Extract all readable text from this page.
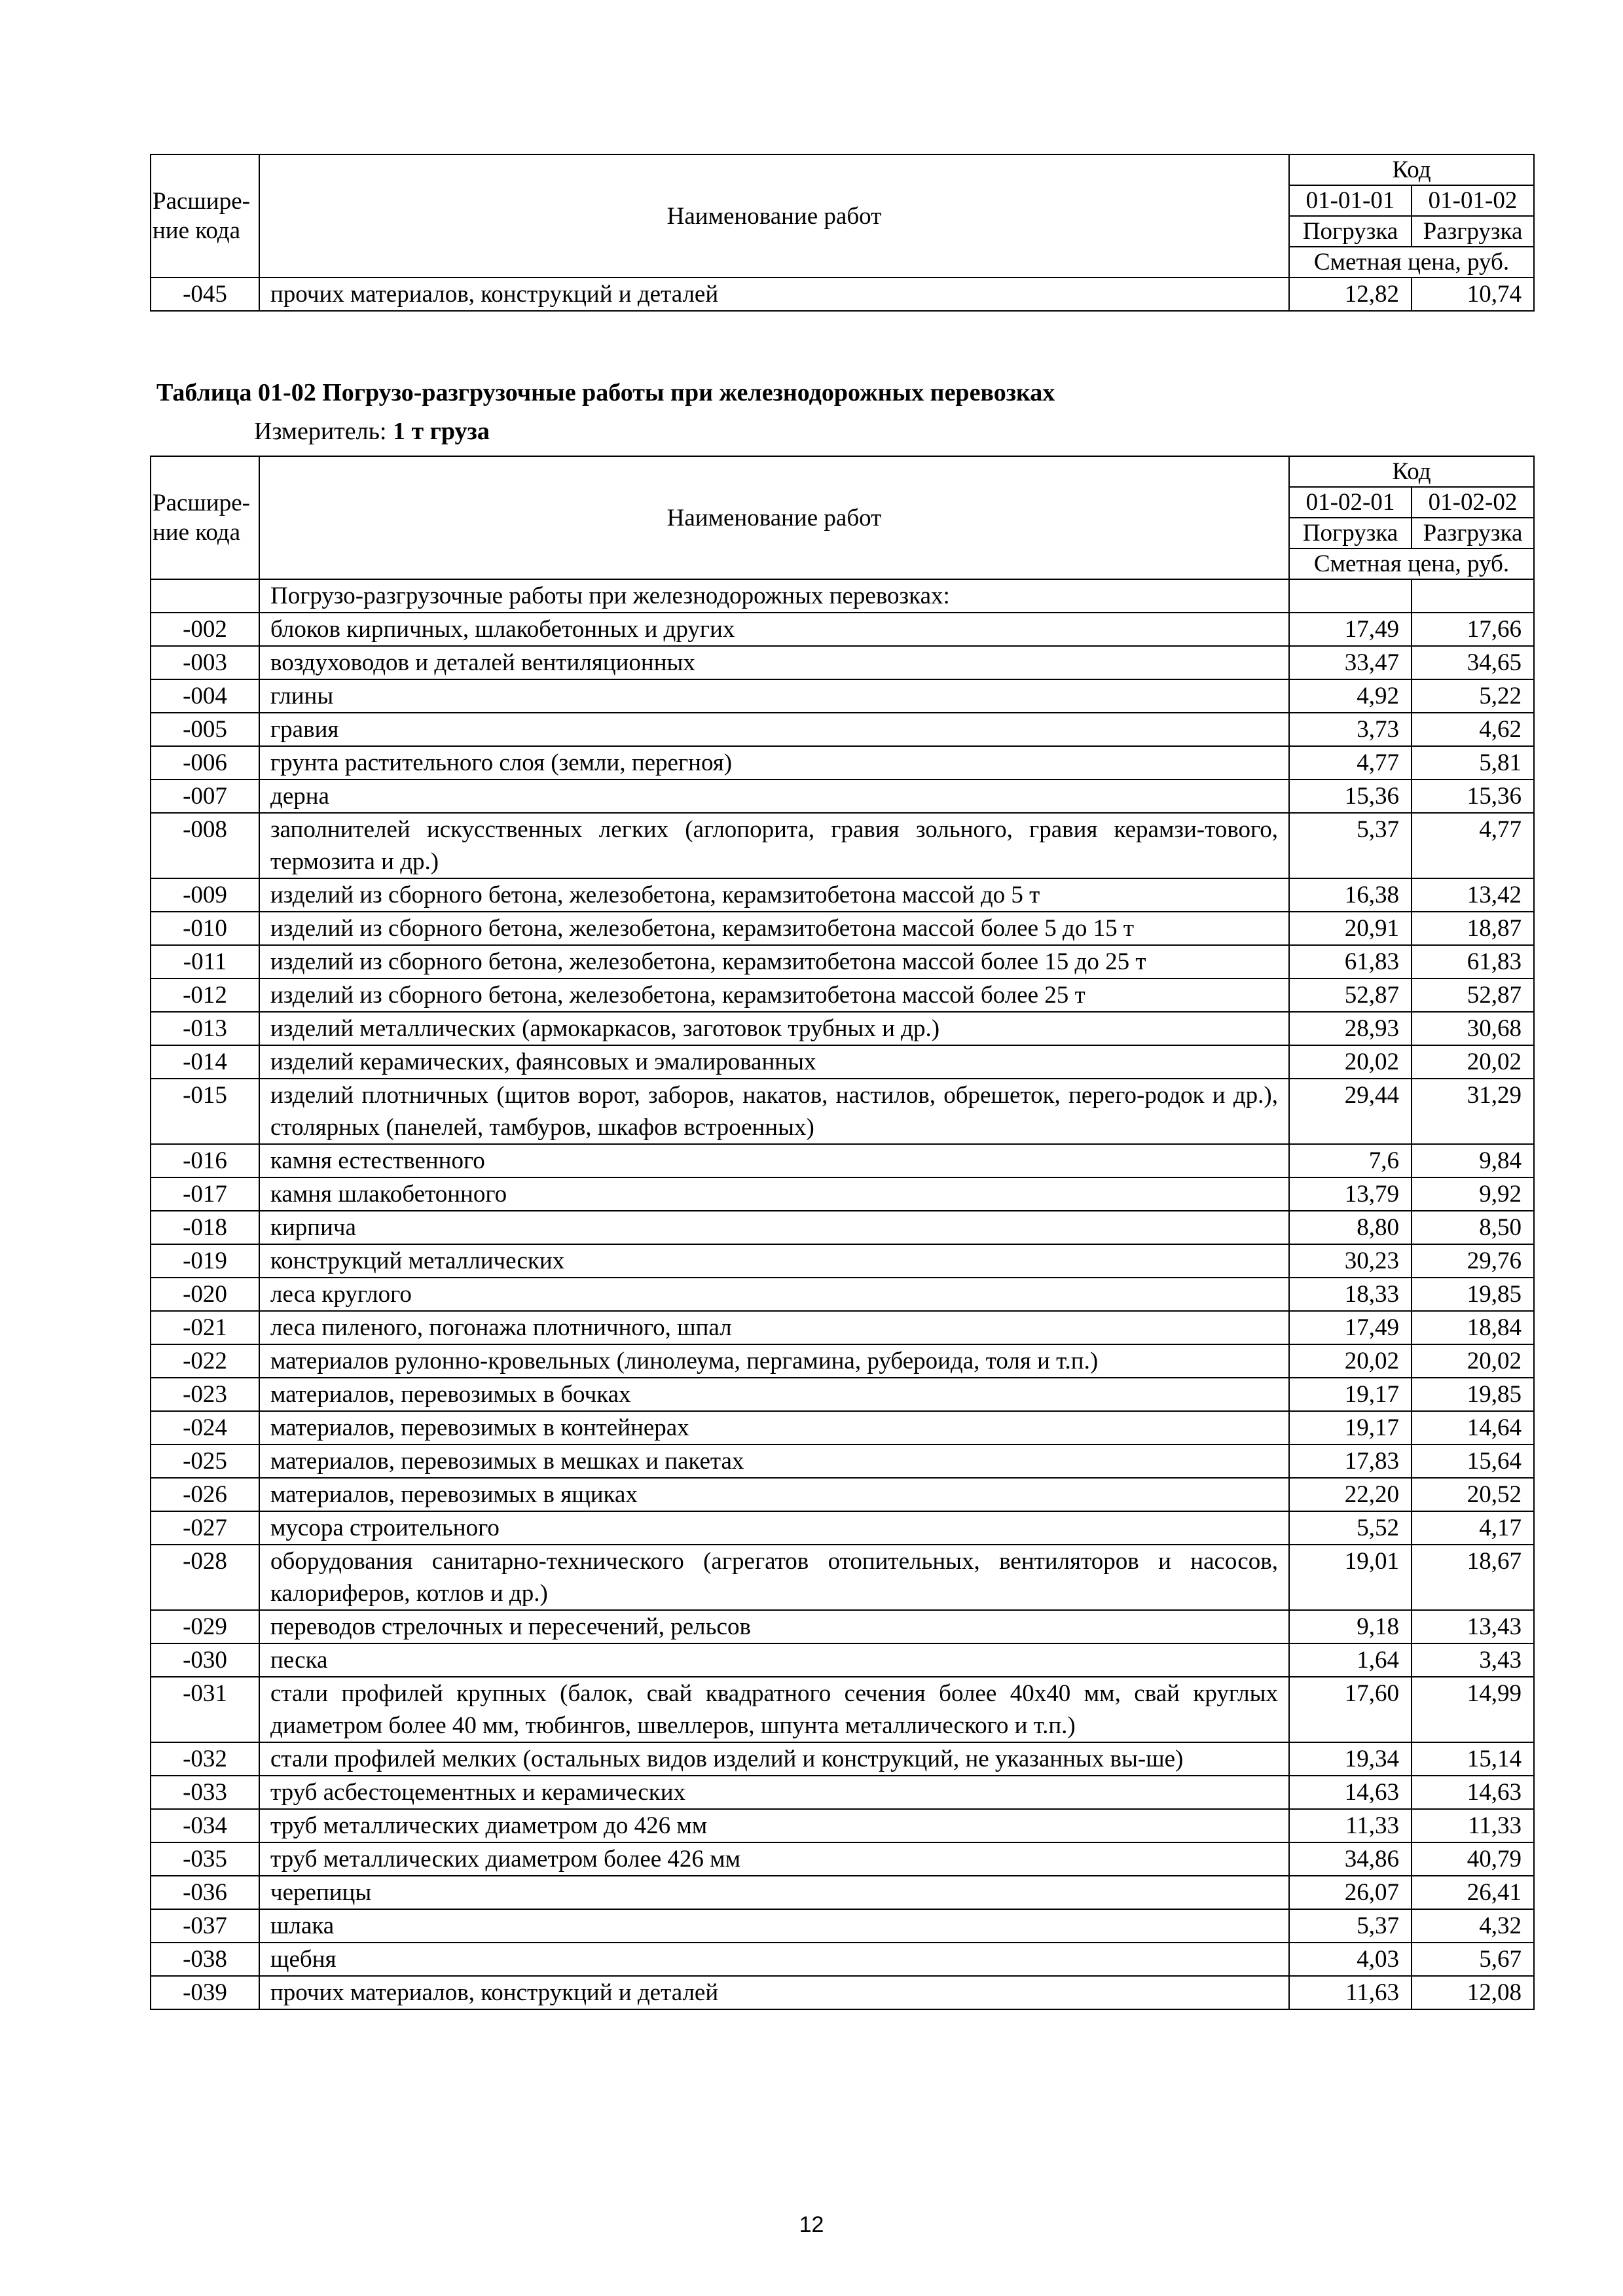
Расшире-ние кода	Наименование работ	Код	
		01-01-01	01-01-02
		Погрузка	Разгрузка
		Сметная цена, руб.	
-045	прочих материалов, конструкций и деталей	12,82	10,74
Таблица 01-02 Погрузо-разгрузочные работы при железнодорожных перевозках
Измеритель: 1 т груза
Расшире-ние кода	Наименование работ	Код	
		01-02-01	01-02-02
		Погрузка	Разгрузка
		Сметная цена, руб.	
	Погрузо-разгрузочные работы при железнодорожных перевозках:		
-002	блоков кирпичных, шлакобетонных и других	17,49	17,66
-003	воздуховодов и деталей вентиляционных	33,47	34,65
-004	глины	4,92	5,22
-005	гравия	3,73	4,62
-006	грунта растительного слоя (земли, перегноя)	4,77	5,81
-007	дерна	15,36	15,36
-008	заполнителей искусственных легких (аглопорита, гравия зольного, гравия керамзи-тового, термозита и др.)	5,37	4,77
-009	изделий из сборного бетона, железобетона, керамзитобетона массой до 5 т	16,38	13,42
-010	изделий из сборного бетона, железобетона, керамзитобетона массой более 5 до 15 т	20,91	18,87
-011	изделий из сборного бетона, железобетона, керамзитобетона массой более 15 до 25 т	61,83	61,83
-012	изделий из сборного бетона, железобетона, керамзитобетона массой более 25 т	52,87	52,87
-013	изделий металлических (армокаркасов, заготовок трубных и др.)	28,93	30,68
-014	изделий керамических, фаянсовых и эмалированных	20,02	20,02
-015	изделий плотничных (щитов ворот, заборов, накатов, настилов, обрешеток, перего-родок и др.), столярных (панелей, тамбуров, шкафов встроенных)	29,44	31,29
-016	камня естественного	7,6	9,84
-017	камня шлакобетонного	13,79	9,92
-018	кирпича	8,80	8,50
-019	конструкций металлических	30,23	29,76
-020	леса круглого	18,33	19,85
-021	леса пиленого, погонажа плотничного, шпал	17,49	18,84
-022	материалов рулонно-кровельных (линолеума, пергамина, рубероида, толя и т.п.)	20,02	20,02
-023	материалов, перевозимых в бочках	19,17	19,85
-024	материалов, перевозимых в контейнерах	19,17	14,64
-025	материалов, перевозимых в мешках и пакетах	17,83	15,64
-026	материалов, перевозимых в ящиках	22,20	20,52
-027	мусора строительного	5,52	4,17
-028	оборудования санитарно-технического (агрегатов отопительных, вентиляторов и насосов, калориферов, котлов и др.)	19,01	18,67
-029	переводов стрелочных и пересечений, рельсов	9,18	13,43
-030	песка	1,64	3,43
-031	стали профилей крупных (балок, свай квадратного сечения более 40x40 мм, свай круглых диаметром более 40 мм, тюбингов, швеллеров, шпунта металлического и т.п.)	17,60	14,99
-032	стали профилей мелких (остальных видов изделий и конструкций, не указанных вы-ше)	19,34	15,14
-033	труб асбестоцементных и керамических	14,63	14,63
-034	труб металлических диаметром до 426 мм	11,33	11,33
-035	труб металлических диаметром более 426 мм	34,86	40,79
-036	черепицы	26,07	26,41
-037	шлака	5,37	4,32
-038	щебня	4,03	5,67
-039	прочих материалов, конструкций и деталей	11,63	12,08
12
